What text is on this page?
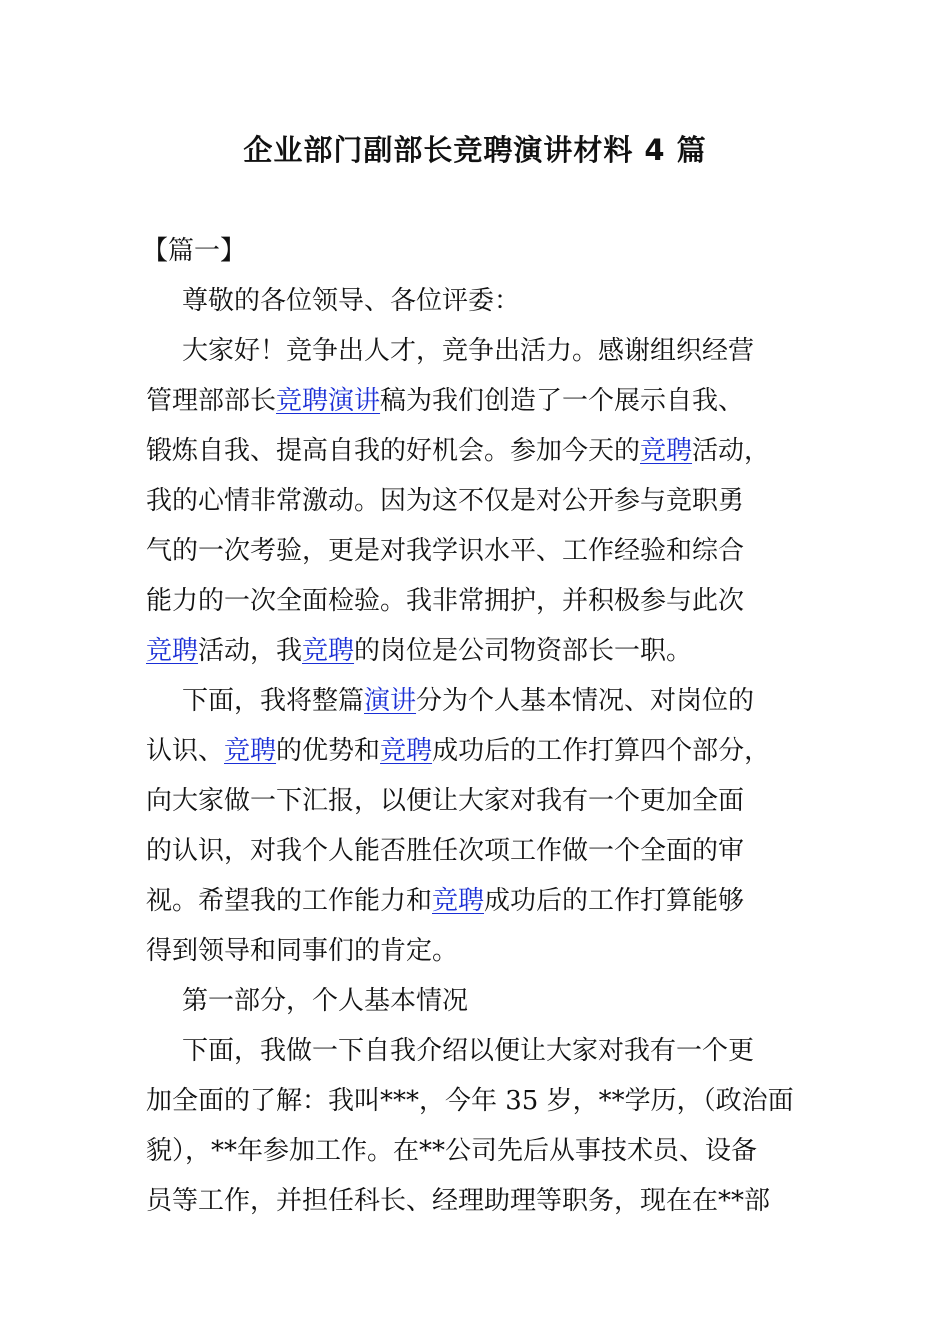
企业部门副部长竞聘演讲材料 4 篇
【篇一】
尊敬的各位领导、各位评委：
大家好！竞争出人才，竞争出活力。感谢组织经营
管理部部长竞聘演讲稿为我们创造了一个展示自我、
锻炼自我、提高自我的好机会。参加今天的竞聘活动，
我的心情非常激动。因为这不仅是对公开参与竞职勇
气的一次考验，更是对我学识水平、工作经验和综合
能力的一次全面检验。我非常拥护，并积极参与此次
竞聘活动，我竞聘的岗位是公司物资部长一职。
下面，我将整篇演讲分为个人基本情况、对岗位的
认识、竞聘的优势和竞聘成功后的工作打算四个部分，
向大家做一下汇报，以便让大家对我有一个更加全面
的认识，对我个人能否胜任次项工作做一个全面的审
视。希望我的工作能力和竞聘成功后的工作打算能够
得到领导和同事们的肯定。
第一部分，个人基本情况
下面，我做一下自我介绍以便让大家对我有一个更
加全面的了解：我叫***，今年 35 岁，**学历，（政治面
貌），**年参加工作。在**公司先后从事技术员、设备
员等工作，并担任科长、经理助理等职务，现在在**部
